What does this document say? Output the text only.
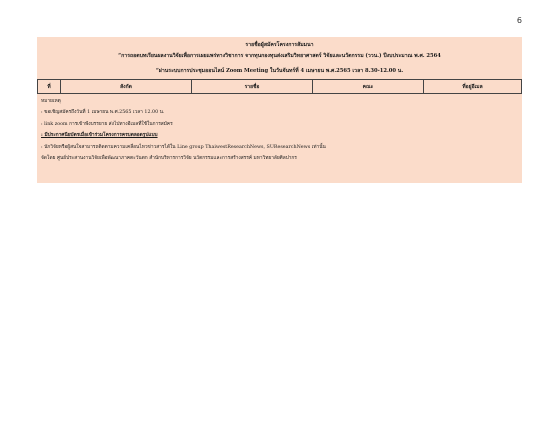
6
รายชื่อผู้สมัครโครงการสัมมนา
“การถอดบทเรียนผลงานวิจัยเพื่อการเผยแพร่ทางวิชาการ จากทุนกองทุนส่งเสริมวิทยาศาสตร์ วิจัยและนวัตกรรม (ววน.) ปีงบประมาณ พ.ศ. 2564
“ผ่านระบบการประชุมออนไลน์ Zoom Meeting ในวันจันทร์ที่ 4 เมษายน พ.ศ.2565 เวลา 8.30-12.00 น.
ที่	สังกัด	รายชื่อ	คณะ	ที่อยู่อีเมล
หมายเหตุ
: ขอเชิญสมัครถึงวันที่ 1 เมษายน พ.ศ.2565 เวลา 12.00 น.
: link zoom การเข้าฟังบรรยาย ส่งไปทางอีเมลที่ใช้ในการสมัคร
: มีประกาศนียบัตรเมื่อเข้าร่วมโครงการครบตลอดรูปแบบ
: นักวิจัยหรือผู้สนใจสามารถติดตามความเคลื่อนไหวข่าวสารได้ใน Line group ThaiwestResearchNews, SUResearchNews เท่านั้น
จัดโดย ศูนย์ประสานงานวิจัยเพื่อพัฒนาภาคตะวันตก สำนักบริหารการวิจัย นวัตกรรมและการสร้างสรรค์ มหาวิทยาลัยศิลปากร
